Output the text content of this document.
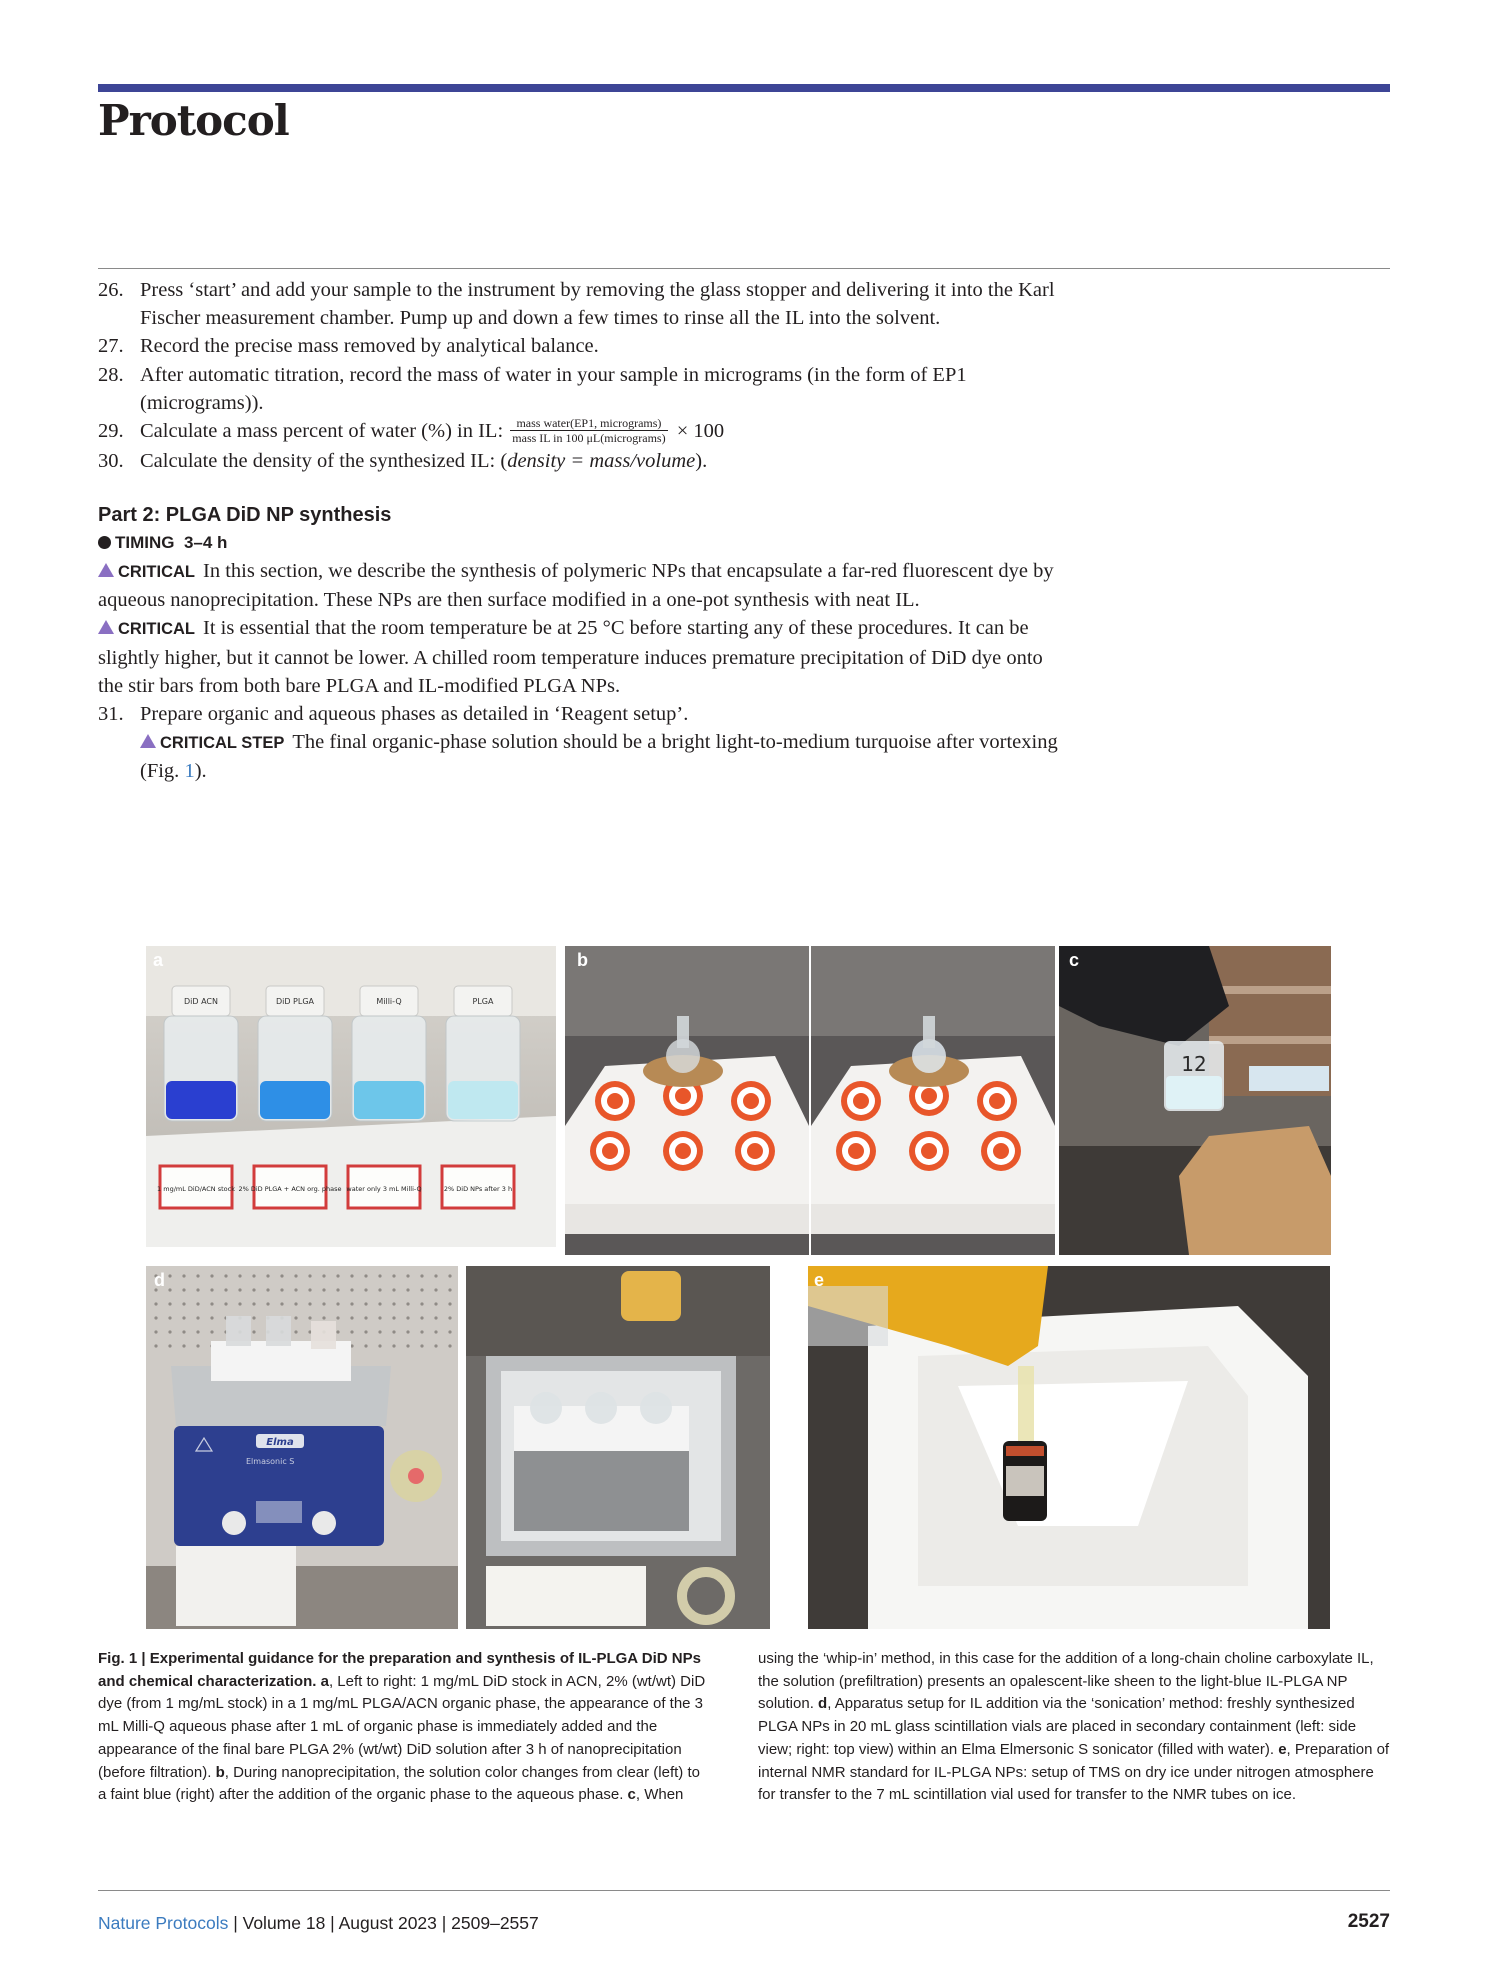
Protocol
26. Press ‘start’ and add your sample to the instrument by removing the glass stopper and delivering it into the Karl Fischer measurement chamber. Pump up and down a few times to rinse all the IL into the solvent.
27. Record the precise mass removed by analytical balance.
28. After automatic titration, record the mass of water in your sample in micrograms (in the form of EP1 (micrograms)).
29. Calculate a mass percent of water (%) in IL: $\frac{\text{mass water(EP1, micrograms)}}{\text{mass IL in 100 μL(micrograms)}} \times 100$
30. Calculate the density of the synthesized IL: (density = mass/volume).
Part 2: PLGA DiD NP synthesis
TIMING 3–4 h
CRITICAL In this section, we describe the synthesis of polymeric NPs that encapsulate a far-red fluorescent dye by aqueous nanoprecipitation. These NPs are then surface modified in a one-pot synthesis with neat IL.
CRITICAL It is essential that the room temperature be at 25 °C before starting any of these procedures. It can be slightly higher, but it cannot be lower. A chilled room temperature induces premature precipitation of DiD dye onto the stir bars from both bare PLGA and IL-modified PLGA NPs.
31. Prepare organic and aqueous phases as detailed in ‘Reagent setup’.
CRITICAL STEP The final organic-phase solution should be a bright light-to-medium turquoise after vortexing (Fig. 1).
DiD ACN
1 mg/mL DiD/ACN stock
DiD PLGA
2% DiD PLGA + ACN org. phase
Milli-Q
water only 3 mL Milli-Q
PLGA
2% DiD NPs after 3 h
a	b
12
c
Elma
Elmasonic S
d	e
Fig. 1 | Experimental guidance for the preparation and synthesis of IL-PLGA DiD NPs and chemical characterization. a, Left to right: 1 mg/mL DiD stock in ACN, 2% (wt/wt) DiD dye (from 1 mg/mL stock) in a 1 mg/mL PLGA/ACN organic phase, the appearance of the 3 mL Milli-Q aqueous phase after 1 mL of organic phase is immediately added and the appearance of the final bare PLGA 2% (wt/wt) DiD solution after 3 h of nanoprecipitation (before filtration). b, During nanoprecipitation, the solution color changes from clear (left) to a faint blue (right) after the addition of the organic phase to the aqueous phase. c, When
using the ‘whip-in’ method, in this case for the addition of a long-chain choline carboxylate IL, the solution (prefiltration) presents an opalescent-like sheen to the light-blue IL-PLGA NP solution. d, Apparatus setup for IL addition via the ‘sonication’ method: freshly synthesized PLGA NPs in 20 mL glass scintillation vials are placed in secondary containment (left: side view; right: top view) within an Elma Elmersonic S sonicator (filled with water). e, Preparation of internal NMR standard for IL-PLGA NPs: setup of TMS on dry ice under nitrogen atmosphere for transfer to the 7 mL scintillation vial used for transfer to the NMR tubes on ice.
Nature Protocols | Volume 18 | August 2023 | 2509–2557	2527
